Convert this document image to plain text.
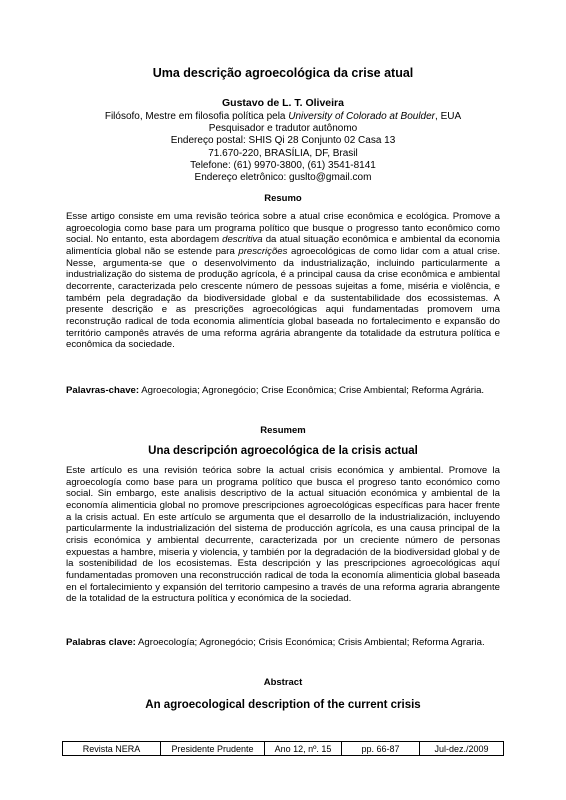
Uma descrição agroecológica da crise atual
Gustavo de L. T. Oliveira
Filósofo, Mestre em filosofia política pela University of Colorado at Boulder, EUA
Pesquisador e tradutor autônomo
Endereço postal: SHIS Qi 28 Conjunto 02 Casa 13
71.670-220, BRASÍLIA, DF, Brasil
Telefone: (61) 9970-3800, (61) 3541-8141
Endereço eletrônico: guslto@gmail.com
Resumo
Esse artigo consiste em uma revisão teórica sobre a atual crise econômica e ecológica. Promove a agroecologia como base para um programa político que busque o progresso tanto econômico como social. No entanto, esta abordagem descritiva da atual situação econômica e ambiental da economia alimentícia global não se estende para prescrições agroecológicas de como lidar com a atual crise. Nesse, argumenta-se que o desenvolvimento da industrialização, incluindo particularmente a industrialização do sistema de produção agrícola, é a principal causa da crise econômica e ambiental decorrente, caracterizada pelo crescente número de pessoas sujeitas a fome, miséria e violência, e também pela degradação da biodiversidade global e da sustentabilidade dos ecossistemas. A presente descrição e as prescrições agroecológicas aqui fundamentadas promovem uma reconstrução radical de toda economia alimentícia global baseada no fortalecimento e expansão do território camponês através de uma reforma agrária abrangente da totalidade da estrutura política e econômica da sociedade.
Palavras-chave: Agroecologia; Agronegócio; Crise Econômica; Crise Ambiental; Reforma Agrária.
Resumem
Una descripción agroecológica de la crisis actual
Este artículo es una revisión teórica sobre la actual crisis económica y ambiental. Promove la agroecología como base para un programa político que busca el progreso tanto económico como social. Sin embargo, este analisis descriptivo de la actual situación económica y ambiental de la economía alimenticia global no promove prescripciones agroecológicas específicas para hacer frente a la crisis actual. En este artículo se argumenta que el desarrollo de la industrialización, incluyendo particularmente la industrialización del sistema de producción agrícola, es una causa principal de la crisis económica y ambiental decurrente, caracterizada por un creciente número de personas expuestas a hambre, miseria y violencia, y también por la degradación de la biodiversidad global y de la sostenibilidad de los ecosistemas. Esta descripción y las prescripciones agroecológicas aquí fundamentadas promoven una reconstrucción radical de toda la economía alimenticia global baseada en el fortalecimiento y expansión del territorio campesino a través de una reforma agraria abrangente de la totalidad de la estructura política y económica de la sociedad.
Palabras clave: Agroecología; Agronegócio; Crisis Económica; Crisis Ambiental; Reforma Agraria.
Abstract
An agroecological description of the current crisis
Revista NERA	Presidente Prudente	Ano 12, nº. 15	pp. 66-87	Jul-dez./2009
